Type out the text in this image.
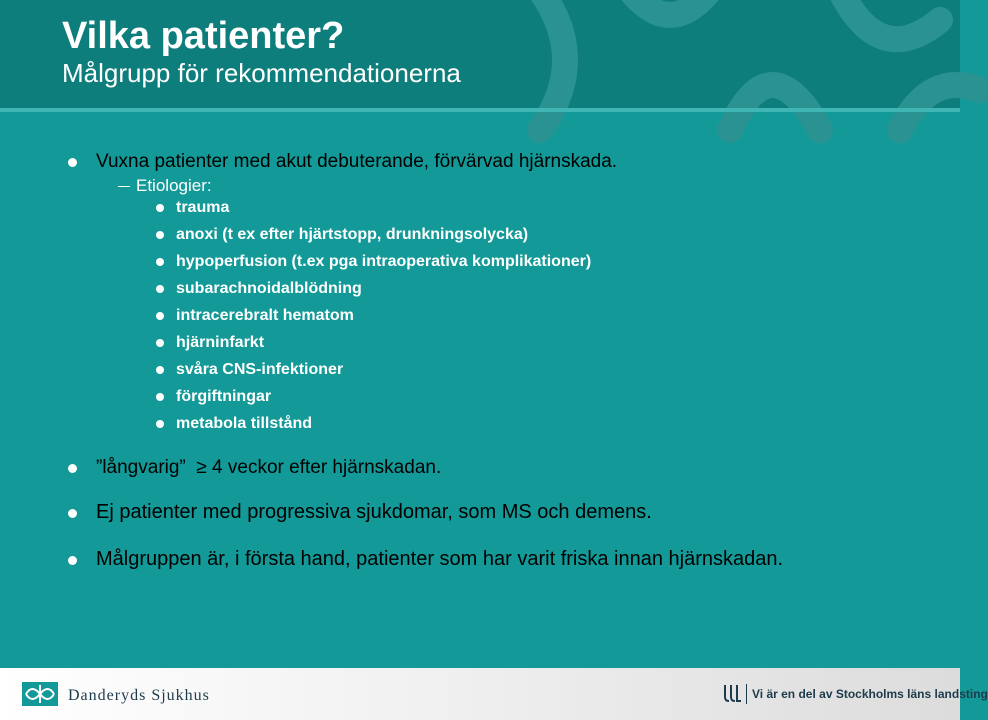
Vilka patienter?
Målgrupp för rekommendationerna
Vuxna patienter med akut debuterande, förvärvad hjärnskada.
Etiologier:
trauma
anoxi (t ex efter hjärtstopp, drunkningsolycka)
hypoperfusion (t.ex pga intraoperativa komplikationer)
subarachnoidalblödning
intracerebralt hematom
hjärninfarkt
svåra CNS-infektioner
förgiftningar
metabola tillstånd
”långvarig” ≥ 4 veckor efter hjärnskadan.
Ej patienter med progressiva sjukdomar, som MS och demens.
Målgruppen är, i första hand, patienter som har varit friska innan hjärnskadan.
Danderyds Sjukhus	Vi är en del av Stockholms läns landsting
